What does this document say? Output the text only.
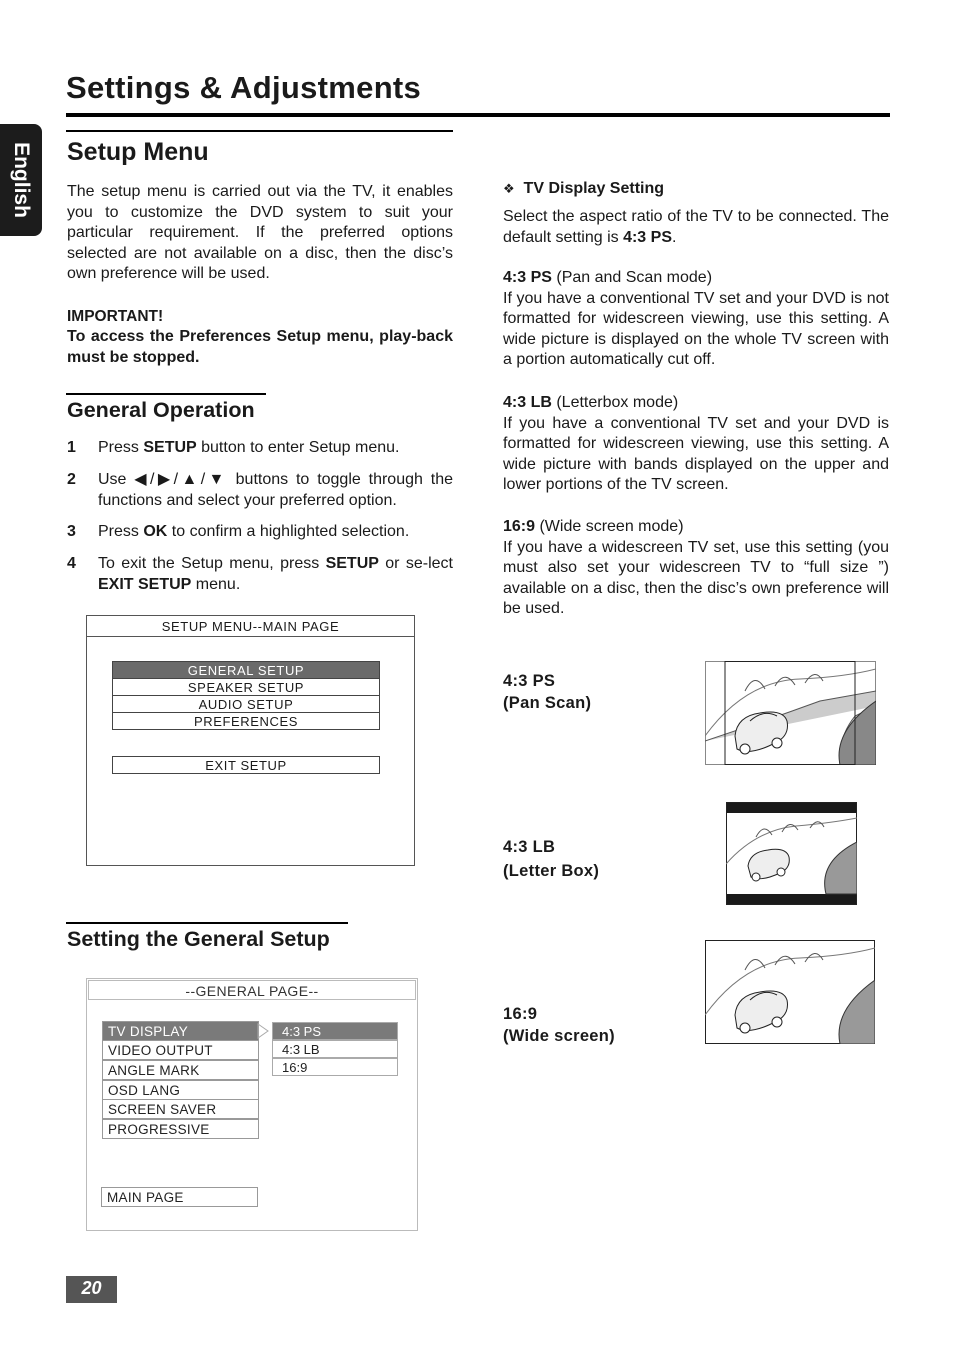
Settings & Adjustments
English Setup Menu

The setup menu is carried out via the TV, it enables you to customize the DVD system to suit your particular requirement. If the preferred options selected are not available on a disc, then the disc’s own preference will be used.

IMPORTANT!

To access the Preferences Setup menu, play-back must be stopped.

General Operation
1 Press SETUP button to enter Setup menu.
2 Use ◀/▶/▲/▼ buttons to toggle through the functions and select your preferred option.
3 Press OK to confirm a highlighted selection.
4 To exit the Setup menu, press SETUP or se-lect EXIT SETUP menu.
SETUP MENU--MAIN PAGE
GENERAL SETUP
SPEAKER SETUP
AUDIO SETUP
PREFERENCES
EXIT SETUP
Setting the General Setup
--GENERAL PAGE--
TV DISPLAY
VIDEO OUTPUT
ANGLE MARK
OSD LANG
SCREEN SAVER
PROGRESSIVE
4:3 PS
4:3 LB
16:9
MAIN PAGE
❖ TV Display Setting

Select the aspect ratio of the TV to be connected. The default setting is 4:3 PS.

4:3 PS (Pan and Scan mode)

If you have a conventional TV set and your DVD is not formatted for widescreen viewing, use this setting. A wide picture is displayed on the whole TV screen with a portion automatically cut off.

4:3 LB (Letterbox mode)

If you have a conventional TV set and your DVD is formatted for widescreen viewing, use this setting. A wide picture with bands displayed on the upper and lower portions of the TV screen.

16:9 (Wide screen mode)

If you have a widescreen TV set, use this setting (you must also set your widescreen TV to “full size ”) available on a disc, then the disc’s own preference will be used.

4:3 PS
(Pan Scan)
4:3 LB
(Letter Box)
16:9
(Wide screen)
20
